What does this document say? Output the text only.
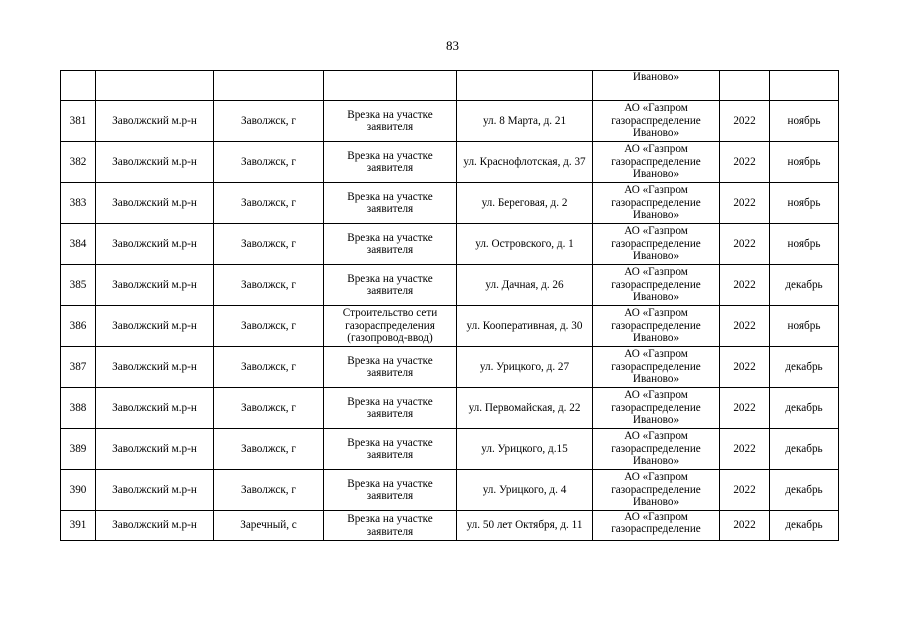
83
					Иваново»		
381	Заволжский м.р-н	Заволжск, г	Врезка на участке заявителя	ул. 8 Марта, д. 21	АО «Газпром газораспределение Иваново»	2022	ноябрь
382	Заволжский м.р-н	Заволжск, г	Врезка на участке заявителя	ул. Краснофлотская, д. 37	АО «Газпром газораспределение Иваново»	2022	ноябрь
383	Заволжский м.р-н	Заволжск, г	Врезка на участке заявителя	ул. Береговая, д. 2	АО «Газпром газораспределение Иваново»	2022	ноябрь
384	Заволжский м.р-н	Заволжск, г	Врезка на участке заявителя	ул. Островского, д. 1	АО «Газпром газораспределение Иваново»	2022	ноябрь
385	Заволжский м.р-н	Заволжск, г	Врезка на участке заявителя	ул. Дачная, д. 26	АО «Газпром газораспределение Иваново»	2022	декабрь
386	Заволжский м.р-н	Заволжск, г	Строительство сети газораспределения (газопровод-ввод)	ул. Кооперативная, д. 30	АО «Газпром газораспределение Иваново»	2022	ноябрь
387	Заволжский м.р-н	Заволжск, г	Врезка на участке заявителя	ул. Урицкого, д. 27	АО «Газпром газораспределение Иваново»	2022	декабрь
388	Заволжский м.р-н	Заволжск, г	Врезка на участке заявителя	ул. Первомайская, д. 22	АО «Газпром газораспределение Иваново»	2022	декабрь
389	Заволжский м.р-н	Заволжск, г	Врезка на участке заявителя	ул. Урицкого, д.15	АО «Газпром газораспределение Иваново»	2022	декабрь
390	Заволжский м.р-н	Заволжск, г	Врезка на участке заявителя	ул. Урицкого, д. 4	АО «Газпром газораспределение Иваново»	2022	декабрь
391	Заволжский м.р-н	Заречный, с	Врезка на участке заявителя	ул. 50 лет Октября, д. 11	АО «Газпром газораспределение	2022	декабрь
